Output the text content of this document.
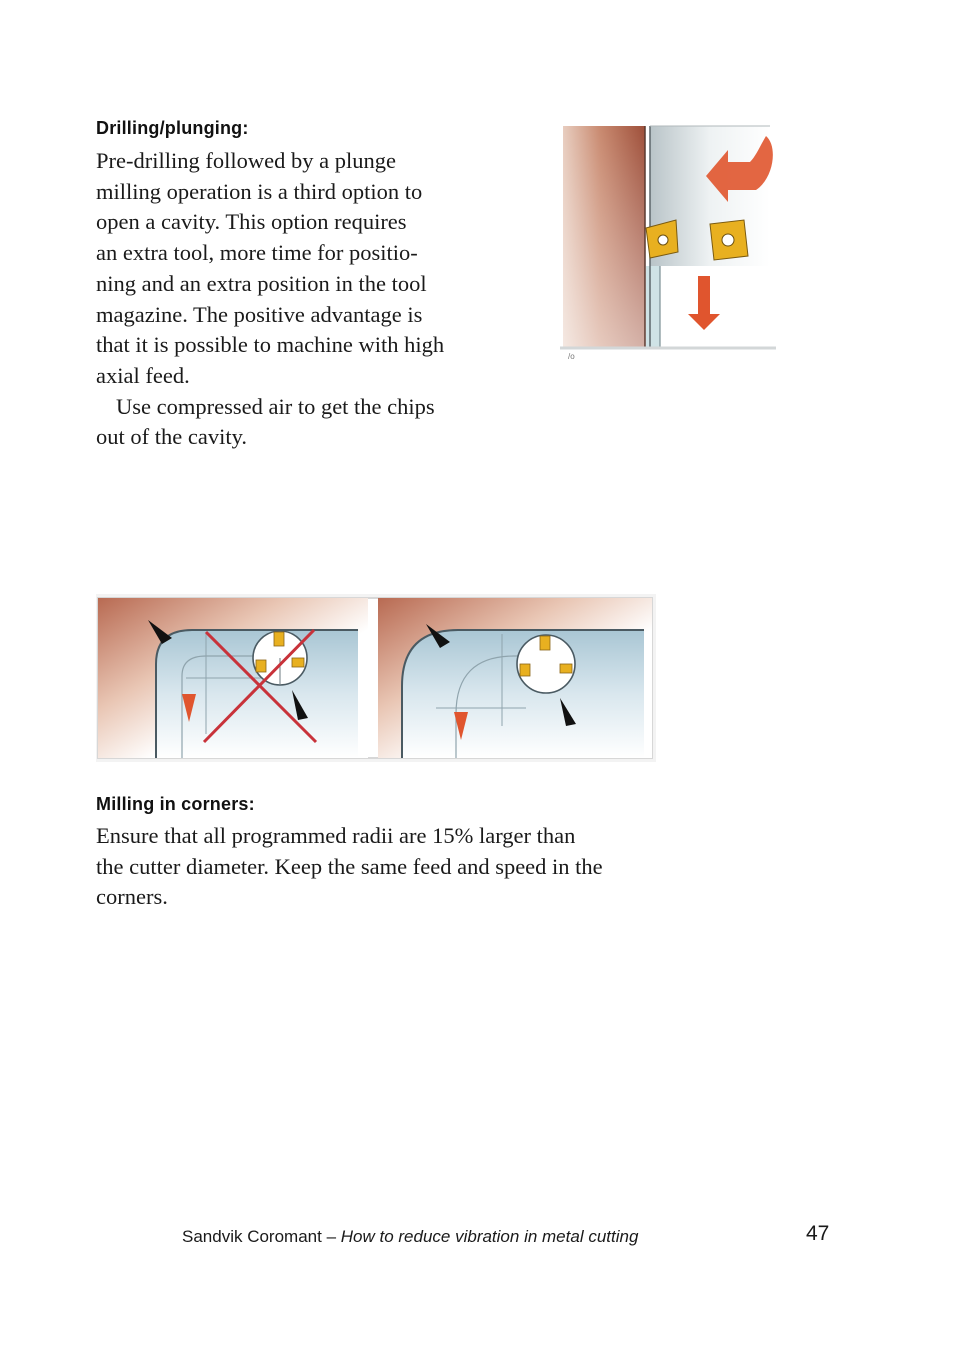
Drilling/plunging:

Pre-drilling followed by a plunge
milling operation is a third option to
open a cavity. This option requires
an extra tool, more time for positio-
ning and an extra position in the tool
magazine. The positive advantage is
that it is possible to machine with high
axial feed.
Use compressed air to get the chips
out of the cavity.

/o
Milling in corners:

Ensure that all programmed radii are 15% larger than
the cutter diameter. Keep the same feed and speed in the
corners.

Sandvik Coromant – How to reduce vibration in metal cutting	47
